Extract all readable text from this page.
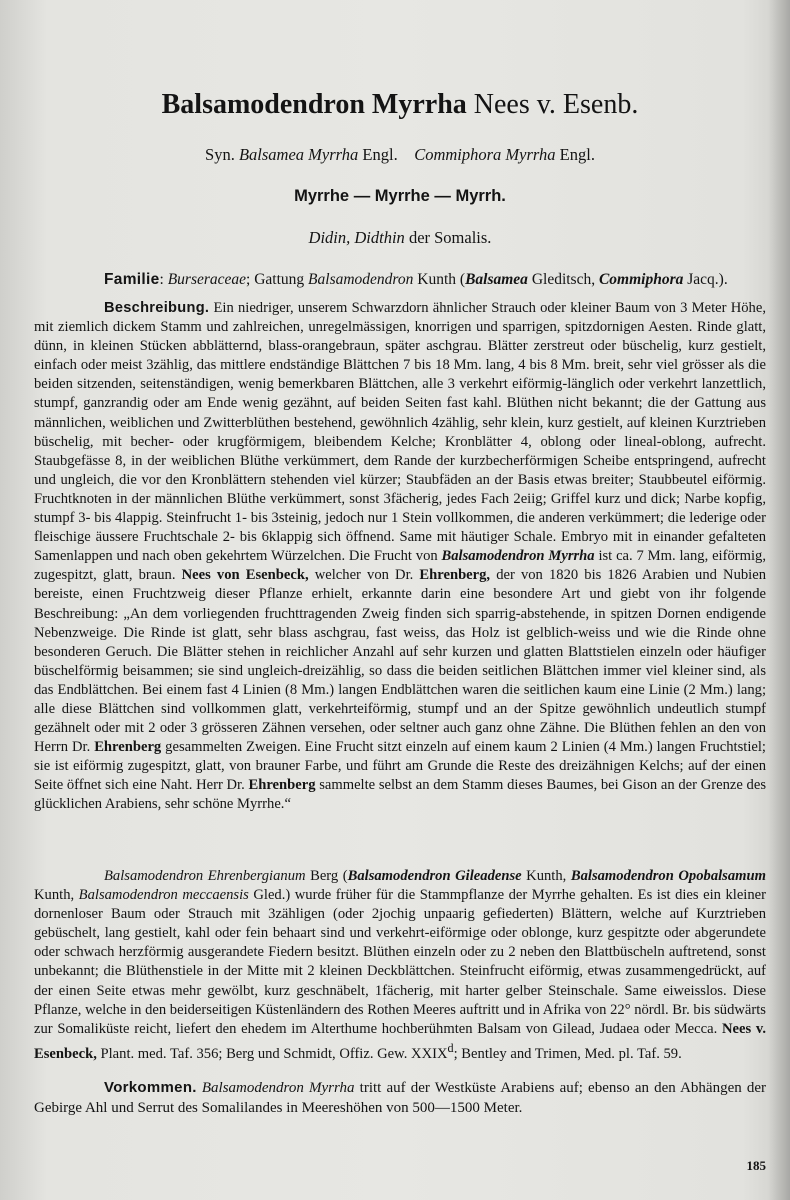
Balsamodendron Myrrha Nees v. Esenb.
Syn. Balsamea Myrrha Engl. Commiphora Myrrha Engl.
Myrrhe — Myrrhe — Myrrh.
Didin, Didthin der Somalis.
Familie: Burseraceae; Gattung Balsamodendron Kunth (Balsamea Gleditsch, Commiphora Jacq.).
Beschreibung. Ein niedriger, unserem Schwarzdorn ähnlicher Strauch oder kleiner Baum von 3 Meter Höhe, mit ziemlich dickem Stamm und zahlreichen, unregelmässigen, knorrigen und sparrigen, spitzdornigen Aesten. Rinde glatt, dünn, in kleinen Stücken abblätternd, blass-orangebraun, später aschgrau. Blätter zerstreut oder büschelig, kurz gestielt, einfach oder meist 3zählig, das mittlere endständige Blättchen 7 bis 18 Mm. lang, 4 bis 8 Mm. breit, sehr viel grösser als die beiden sitzenden, seitenständigen, wenig bemerkbaren Blättchen, alle 3 verkehrt eiförmig-länglich oder verkehrt lanzettlich, stumpf, ganzrandig oder am Ende wenig gezähnt, auf beiden Seiten fast kahl. Blüthen nicht bekannt; die der Gattung aus männlichen, weiblichen und Zwitterblüthen bestehend, gewöhnlich 4zählig, sehr klein, kurz gestielt, auf kleinen Kurztrieben büschelig, mit becher- oder krugförmigem, bleibendem Kelche; Kronblätter 4, oblong oder lineal-oblong, aufrecht. Staubgefässe 8, in der weiblichen Blüthe verkümmert, dem Rande der kurzbecherförmigen Scheibe entspringend, aufrecht und ungleich, die vor den Kronblättern stehenden viel kürzer; Staubfäden an der Basis etwas breiter; Staubbeutel eiförmig. Fruchtknoten in der männlichen Blüthe verkümmert, sonst 3fächerig, jedes Fach 2eiig; Griffel kurz und dick; Narbe kopfig, stumpf 3- bis 4lappig. Steinfrucht 1- bis 3steinig, jedoch nur 1 Stein vollkommen, die anderen verkümmert; die lederige oder fleischige äussere Fruchtschale 2- bis 6klappig sich öffnend. Same mit häutiger Schale. Embryo mit in einander gefalteten Samenlappen und nach oben gekehrtem Würzelchen. Die Frucht von Balsamodendron Myrrha ist ca. 7 Mm. lang, eiförmig, zugespitzt, glatt, braun. Nees von Esenbeck, welcher von Dr. Ehrenberg, der von 1820 bis 1826 Arabien und Nubien bereiste, einen Fruchtzweig dieser Pflanze erhielt, erkannte darin eine besondere Art und giebt von ihr folgende Beschreibung: „An dem vorliegenden fruchttragenden Zweig finden sich sparrig-abstehende, in spitzen Dornen endigende Nebenzweige. Die Rinde ist glatt, sehr blass aschgrau, fast weiss, das Holz ist gelblich-weiss und wie die Rinde ohne besonderen Geruch. Die Blätter stehen in reichlicher Anzahl auf sehr kurzen und glatten Blattstielen einzeln oder häufiger büschelförmig beisammen; sie sind ungleich-dreizählig, so dass die beiden seitlichen Blättchen immer viel kleiner sind, als das Endblättchen. Bei einem fast 4 Linien (8 Mm.) langen Endblättchen waren die seitlichen kaum eine Linie (2 Mm.) lang; alle diese Blättchen sind vollkommen glatt, verkehrteiförmig, stumpf und an der Spitze gewöhnlich undeutlich stumpf gezähnelt oder mit 2 oder 3 grösseren Zähnen versehen, oder seltner auch ganz ohne Zähne. Die Blüthen fehlen an den von Herrn Dr. Ehrenberg gesammelten Zweigen. Eine Frucht sitzt einzeln auf einem kaum 2 Linien (4 Mm.) langen Fruchtstiel; sie ist eiförmig zugespitzt, glatt, von brauner Farbe, und führt am Grunde die Reste des dreizähnigen Kelchs; auf der einen Seite öffnet sich eine Naht. Herr Dr. Ehrenberg sammelte selbst an dem Stamm dieses Baumes, bei Gison an der Grenze des glücklichen Arabiens, sehr schöne Myrrhe.“
Balsamodendron Ehrenbergianum Berg (Balsamodendron Gileadense Kunth, Balsamodendron Opobalsamum Kunth, Balsamodendron meccaensis Gled.) wurde früher für die Stammpflanze der Myrrhe gehalten. Es ist dies ein kleiner dornenloser Baum oder Strauch mit 3zähligen (oder 2jochig unpaarig gefiederten) Blättern, welche auf Kurztrieben gebüschelt, lang gestielt, kahl oder fein behaart sind und verkehrt-eiförmige oder oblonge, kurz gespitzte oder abgerundete oder schwach herzförmig ausgerandete Fiedern besitzt. Blüthen einzeln oder zu 2 neben den Blattbüscheln auftretend, sonst unbekannt; die Blüthenstiele in der Mitte mit 2 kleinen Deckblättchen. Steinfrucht eiförmig, etwas zusammengedrückt, auf der einen Seite etwas mehr gewölbt, kurz geschnäbelt, 1fächerig, mit harter gelber Steinschale. Same eiweisslos. Diese Pflanze, welche in den beiderseitigen Küstenländern des Rothen Meeres auftritt und in Afrika von 22° nördl. Br. bis südwärts zur Somaliküste reicht, liefert den ehedem im Alterthume hochberühmten Balsam von Gilead, Judaea oder Mecca. Nees v. Esenbeck, Plant. med. Taf. 356; Berg und Schmidt, Offiz. Gew. XXIX$^d$; Bentley and Trimen, Med. pl. Taf. 59.
Vorkommen. Balsamodendron Myrrha tritt auf der Westküste Arabiens auf; ebenso an den Abhängen der Gebirge Ahl und Serrut des Somalilandes in Meereshöhen von 500—1500 Meter.
185
